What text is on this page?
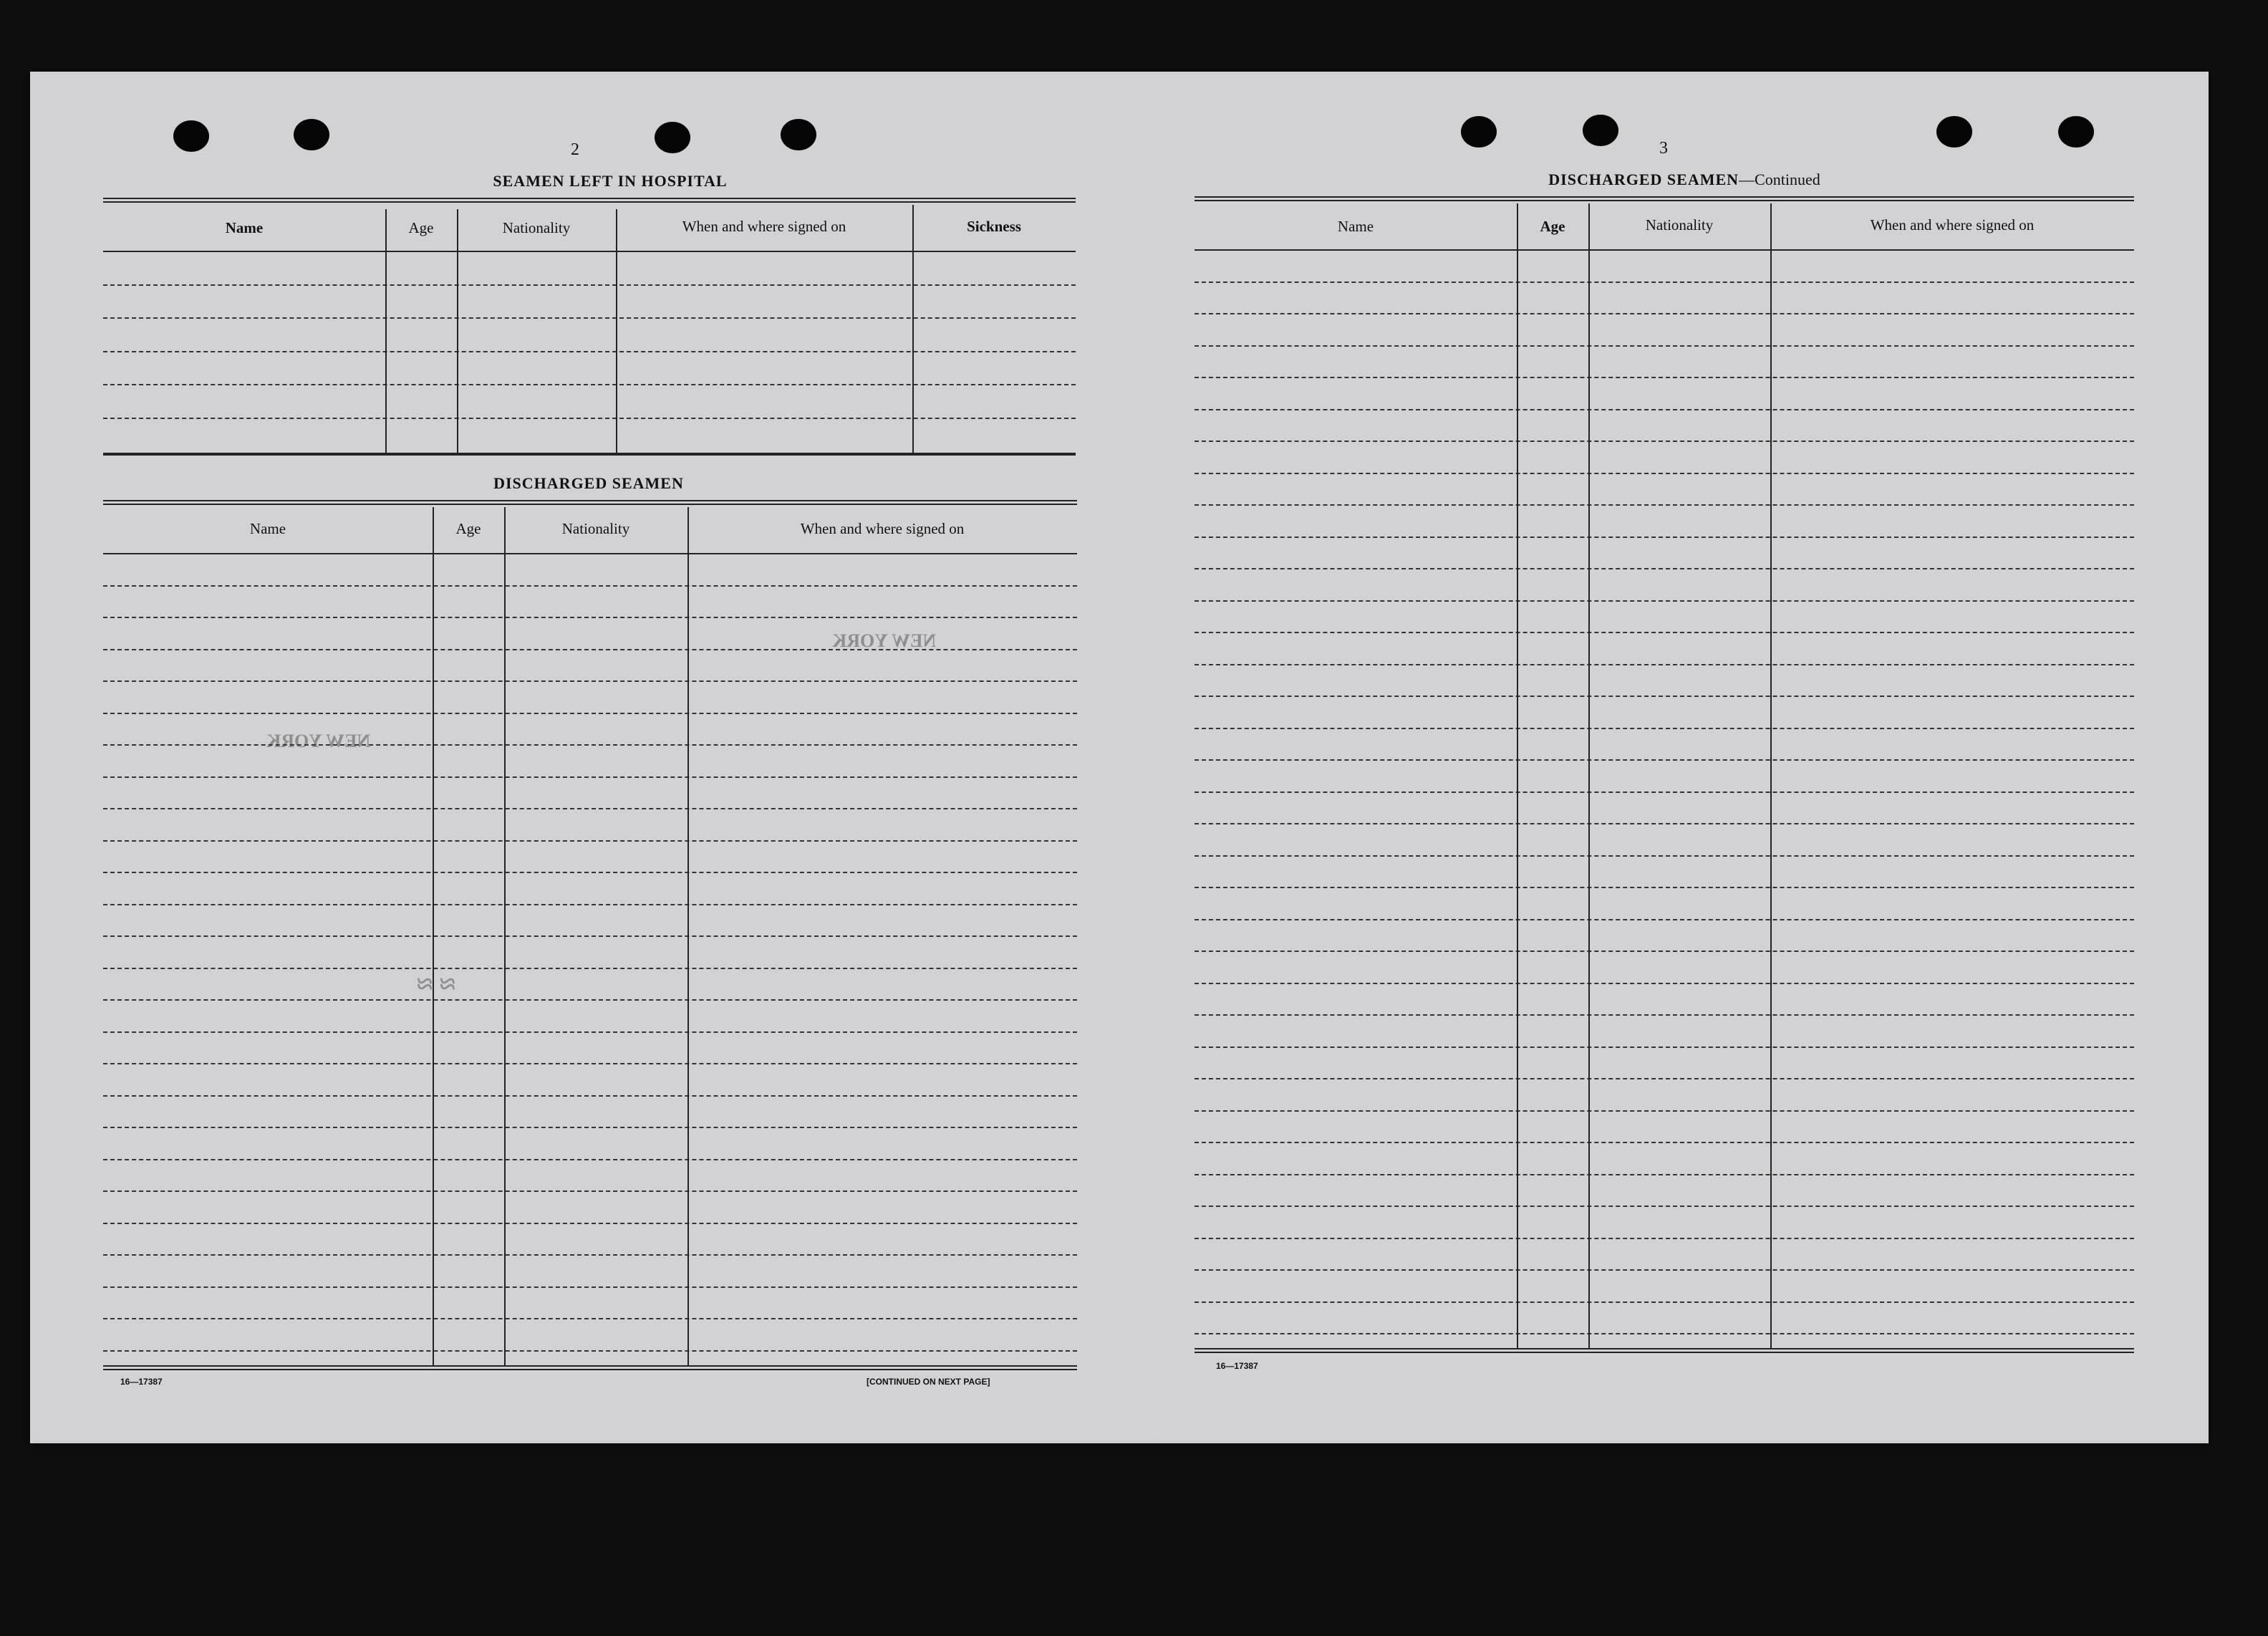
2
SEAMEN LEFT IN HOSPITAL
Name	Age	Nationality	When and where signed on	Sickness
DISCHARGED SEAMEN
Name	Age	Nationality	When and where signed on
NEW YORK
NEW YORK
≈ ≈
16—17387	[CONTINUED ON NEXT PAGE]
3
DISCHARGED SEAMEN—Continued
Name	Age	Nationality	When and where signed on
16—17387
